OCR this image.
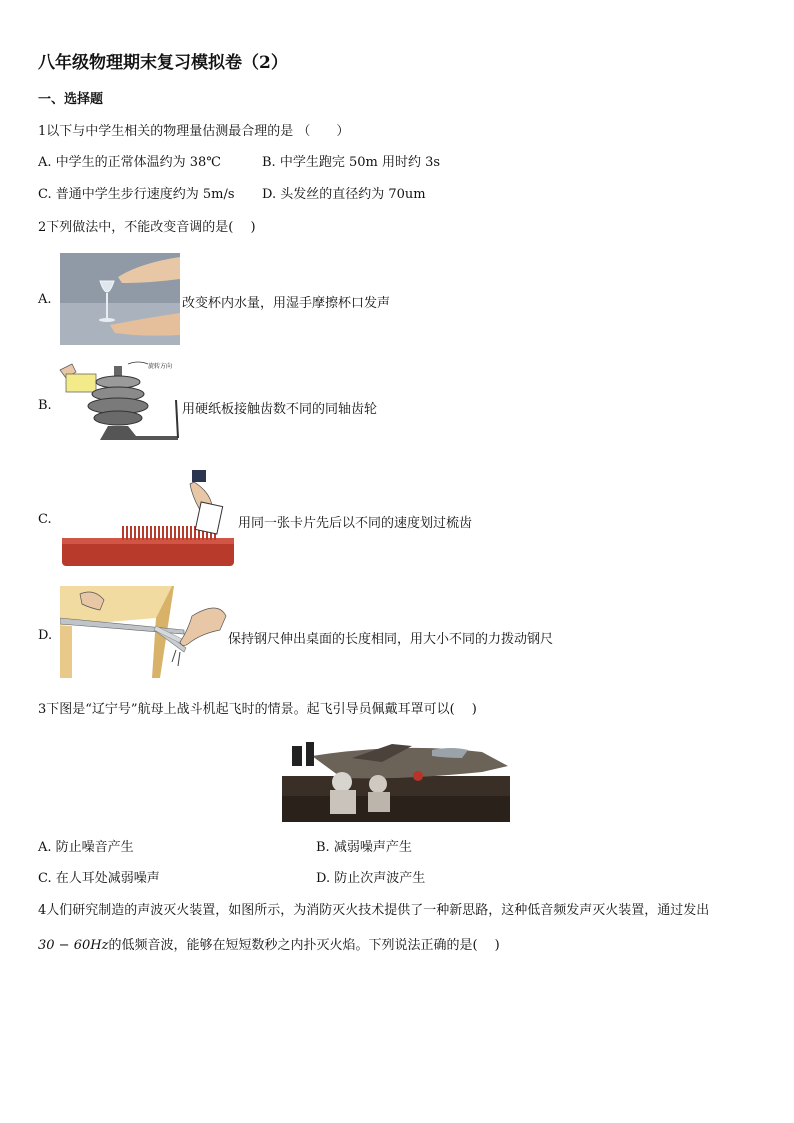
八年级物理期末复习模拟卷（2）
一、选择题
1以下与中学生相关的物理量估测最合理的是 （　　）
A. 中学生的正常体温约为 38℃	B. 中学生跑完 50m 用时约 3s
C. 普通中学生步行速度约为 5m/s D. 头发丝的直径约为 70um
2下列做法中，不能改变音调的是(　 )
A.	改变杯内水量，用湿手摩擦杯口发声
B.
旋转方向
用硬纸板接触齿数不同的同轴齿轮
C.	用同一张卡片先后以不同的速度划过梳齿
D.	保持钢尺伸出桌面的长度相同，用大小不同的力拨动钢尺
3下图是“辽宁号”航母上战斗机起飞时的情景。起飞引导员佩戴耳罩可以(　 )
A. 防止噪音产生	B. 减弱噪声产生
C. 在人耳处减弱噪声	D. 防止次声波产生
4人们研究制造的声波灭火装置，如图所示，为消防灭火技术提供了一种新思路，这种低音频发声灭火装置，通过发出
30 − 60Hz的低频音波，能够在短短数秒之内扑灭火焰。下列说法正确的是(　 )
